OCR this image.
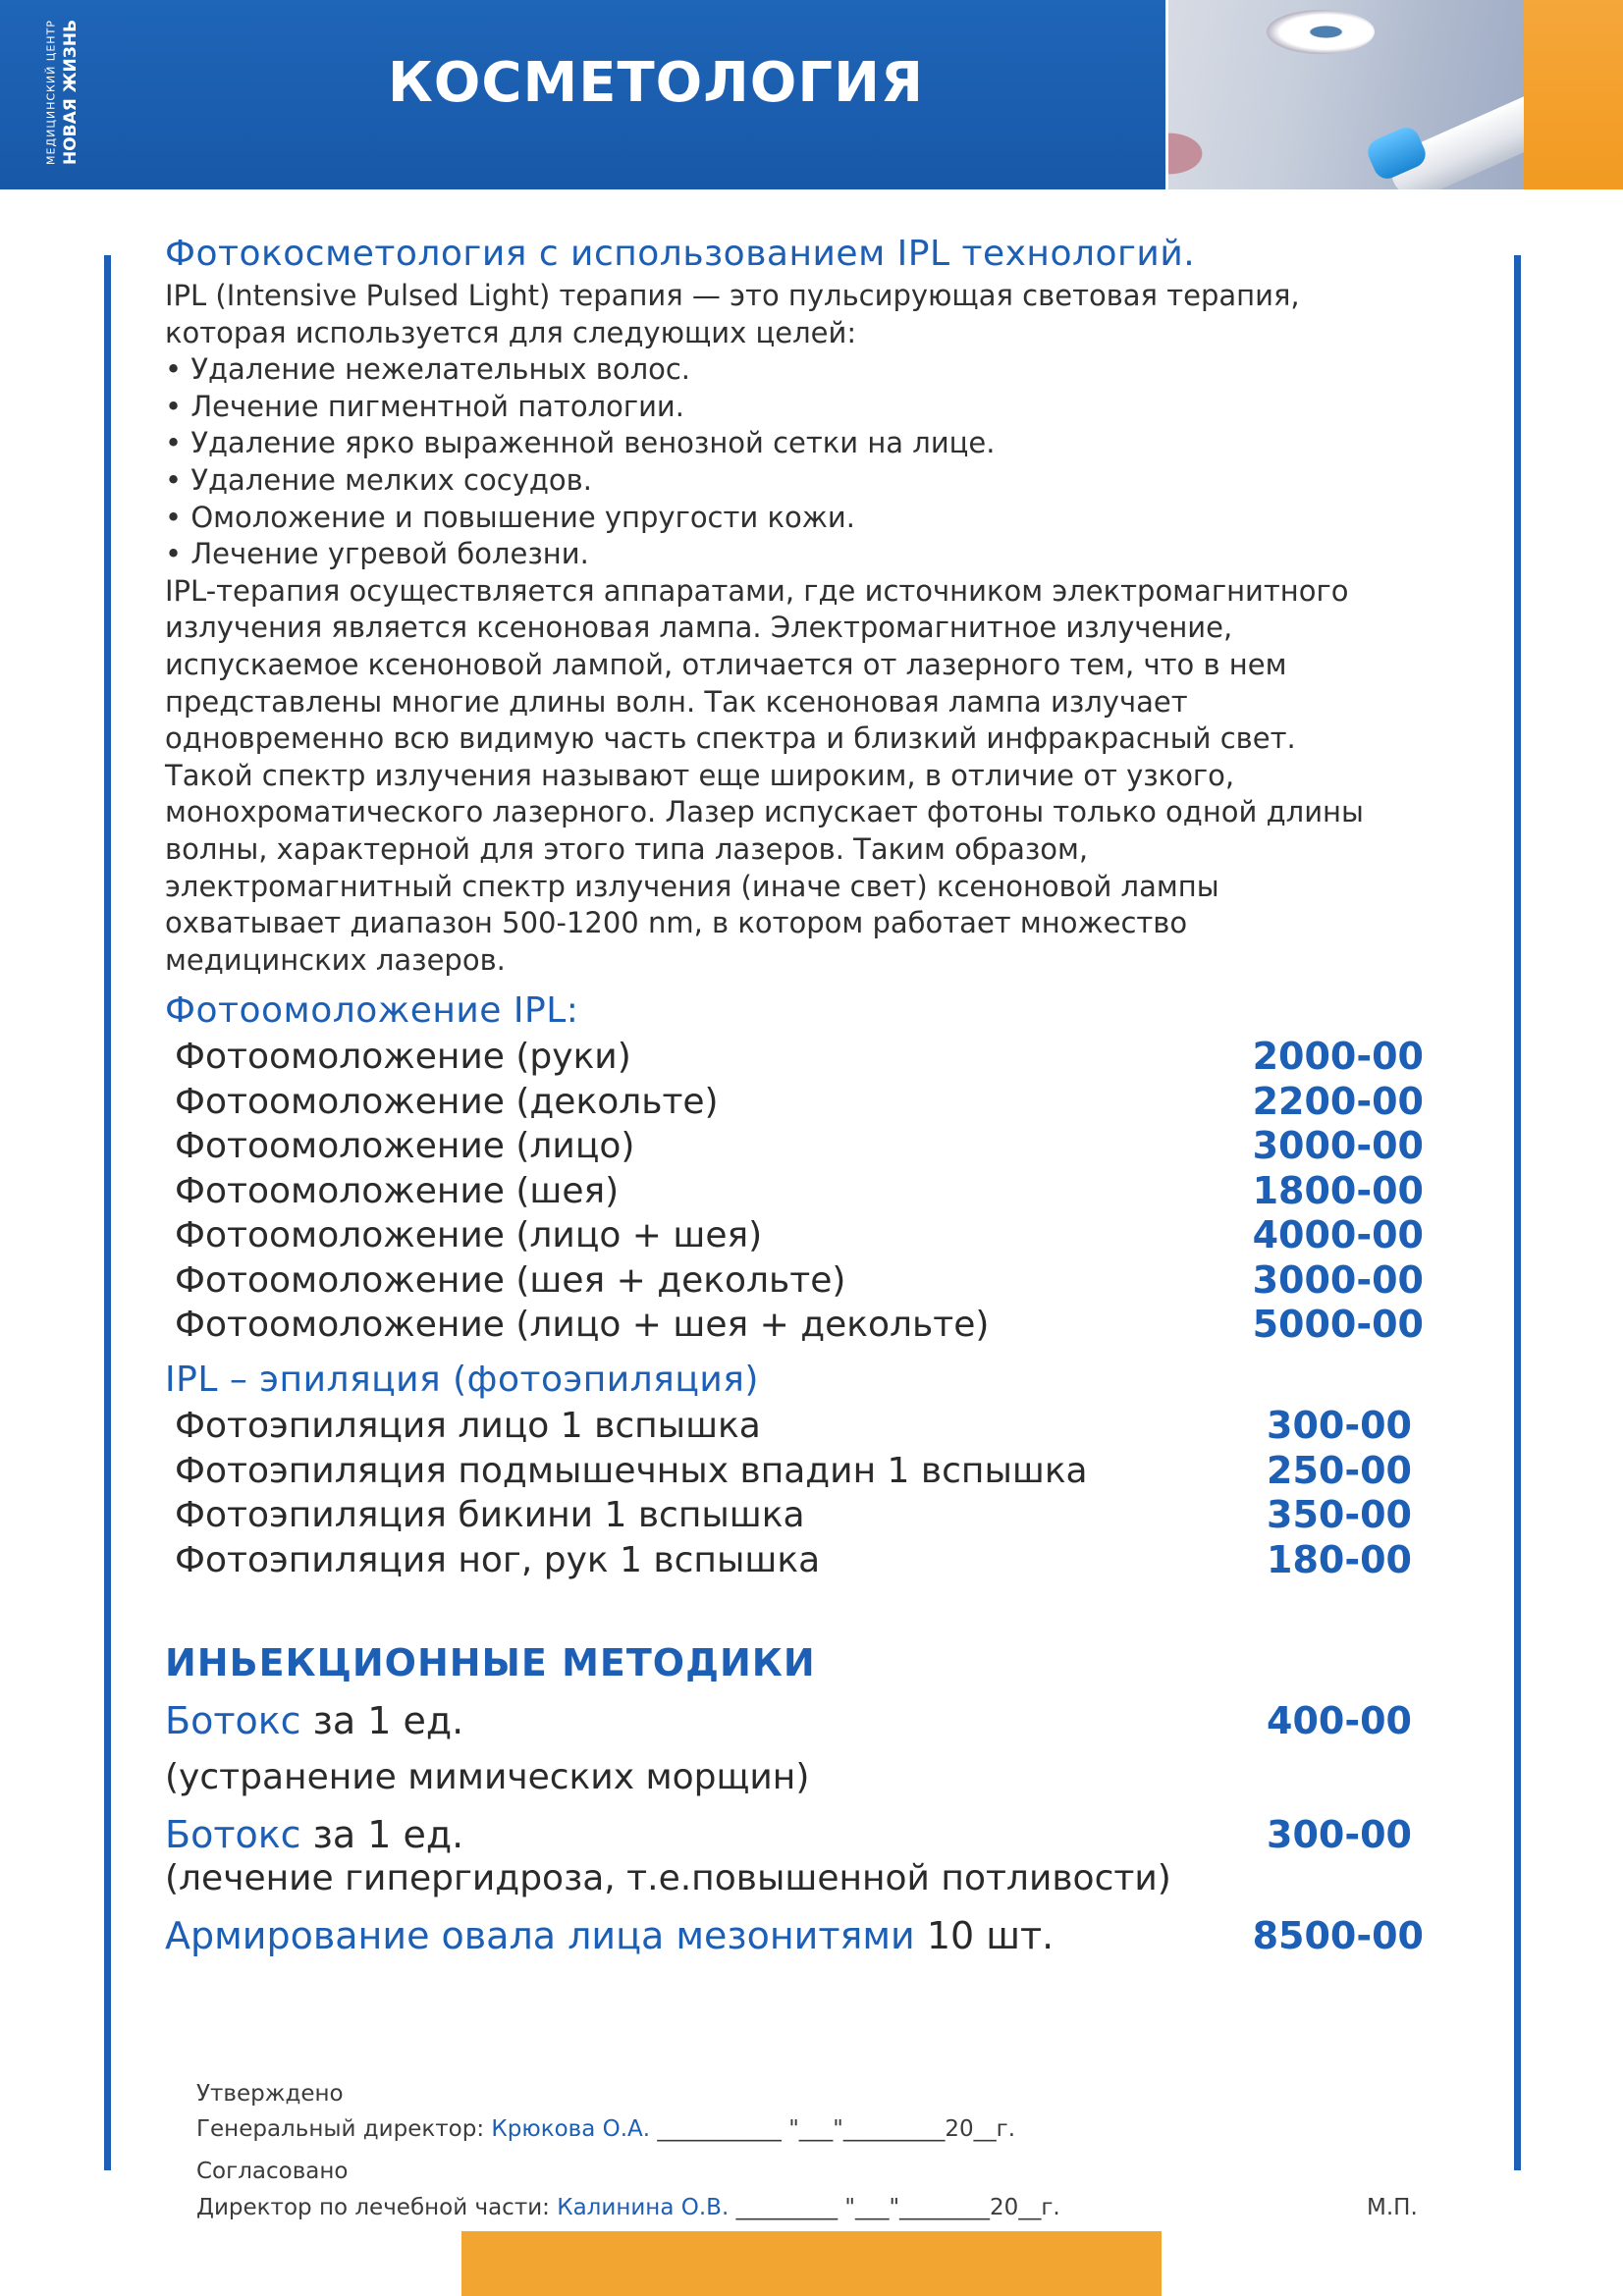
МЕДИЦИНСКИЙ ЦЕНТР НОВАЯ ЖИЗНЬ	КОСМЕТОЛОГИЯ
Фотокосметология с использованием IPL технологий.
IPL (Intensive Pulsed Light) терапия — это пульсирующая световая терапия,
которая используется для следующих целей:
• Удаление нежелательных волос.
• Лечение пигментной патологии.
• Удаление ярко выраженной венозной сетки на лице.
• Удаление мелких сосудов.
• Омоложение и повышение упругости кожи.
• Лечение угревой болезни.
IPL-терапия осуществляется аппаратами, где источником электромагнитного
излучения является ксеноновая лампа. Электромагнитное излучение,
испускаемое ксеноновой лампой, отличается от лазерного тем, что в нем
представлены многие длины волн. Так ксеноновая лампа излучает
одновременно всю видимую часть спектра и близкий инфракрасный свет.
Такой спектр излучения называют еще широким, в отличие от узкого,
монохроматического лазерного. Лазер испускает фотоны только одной длины
волны, характерной для этого типа лазеров. Таким образом,
электромагнитный спектр излучения (иначе свет) ксеноновой лампы
охватывает диапазон 500-1200 nm, в котором работает множество
медицинских лазеров.
Фотоомоложение IPL:
Фотоомоложение (руки)	2000-00
Фотоомоложение (декольте)	2200-00
Фотоомоложение (лицо)	3000-00
Фотоомоложение (шея)	1800-00
Фотоомоложение (лицо + шея)	4000-00
Фотоомоложение (шея + декольте)	3000-00
Фотоомоложение (лицо + шея + декольте)	5000-00
IPL – эпиляция (фотоэпиляция)
Фотоэпиляция лицо 1 вспышка	300-00
Фотоэпиляция подмышечных впадин 1 вспышка	250-00
Фотоэпиляция бикини 1 вспышка	350-00
Фотоэпиляция ног, рук 1 вспышка	180-00
ИНЬЕКЦИОННЫЕ МЕТОДИКИ
Ботокс за 1 ед.	400-00
(устранение мимических морщин)
Ботокс за 1 ед.	300-00
(лечение гипергидроза, т.е.повышенной потливости)
Армирование овала лица мезонитями 10 шт.	8500-00
Утверждено
Генеральный директор: Крюкова О.А. ___________ "___"_________20__г.
Согласовано
Директор по лечебной части: Калинина О.В. _________ "___"________20__г.	М.П.
